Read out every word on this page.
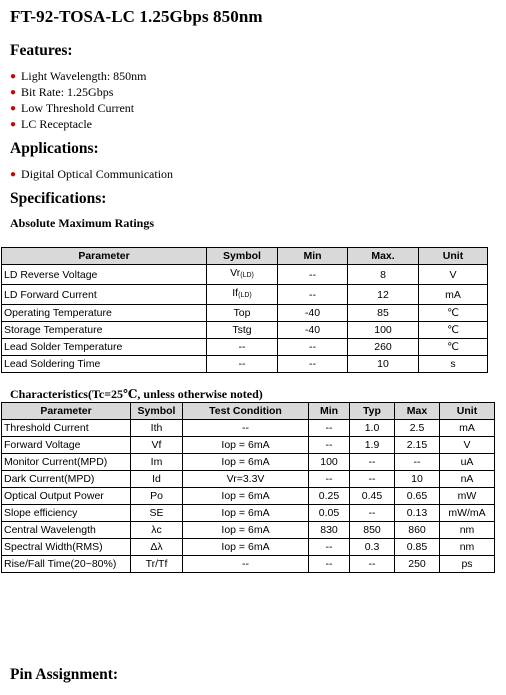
FT-92-TOSA-LC 1.25Gbps 850nm
Features:
● Light Wavelength: 850nm
● Bit Rate: 1.25Gbps
● Low Threshold Current
● LC Receptacle
Applications:
● Digital Optical Communication
Specifications:
Absolute Maximum Ratings
Parameter	Symbol	Min	Max.	Unit
LD Reverse Voltage	$Vr_{(LD)}$	--	8	V
LD Forward Current	$If_{(LD)}$	--	12	mA
Operating Temperature	Top	-40	85	℃
Storage Temperature	Tstg	-40	100	℃
Lead Solder Temperature	--	--	260	℃
Lead Soldering Time	--	--	10	s
Characteristics(Tc=25℃, unless otherwise noted)
Parameter	Symbol	Test Condition	Min	Typ	Max	Unit
Threshold Current	Ith	--	--	1.0	2.5	mA
Forward Voltage	Vf	Iop = 6mA	--	1.9	2.15	V
Monitor Current(MPD)	Im	Iop = 6mA	100	--	--	uA
Dark Current(MPD)	Id	Vr=3.3V	--	--	10	nA
Optical Output Power	Po	Iop = 6mA	0.25	0.45	0.65	mW
Slope efficiency	SE	Iop = 6mA	0.05	--	0.13	mW/mA
Central Wavelength	λc	Iop = 6mA	830	850	860	nm
Spectral Width(RMS)	Δλ	Iop = 6mA	--	0.3	0.85	nm
Rise/Fall Time(20~80%)	Tr/Tf	--	--	--	250	ps
Pin Assignment:
